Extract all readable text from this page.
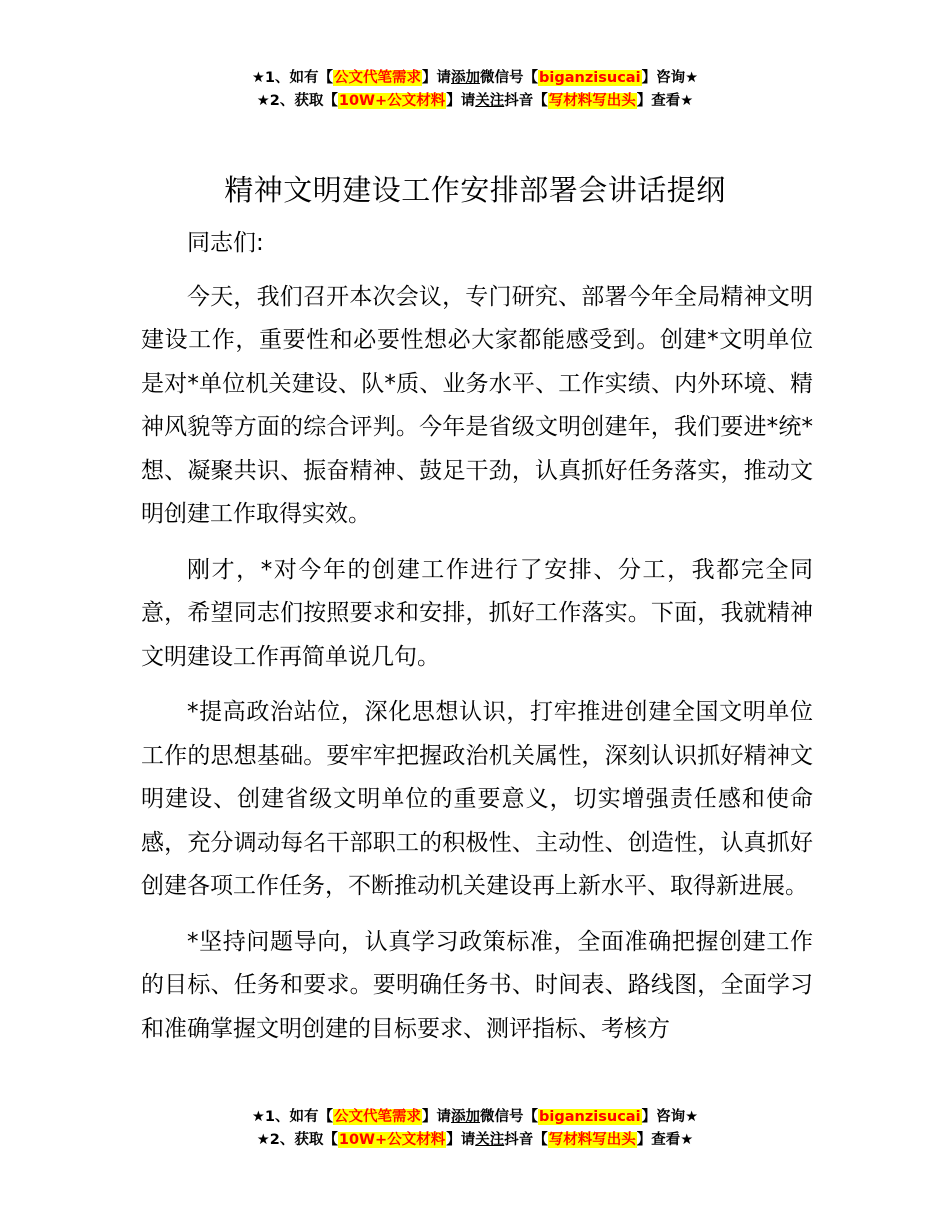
★1、如有【公文代笔需求】请添加微信号【biganzisucai】咨询★
★2、获取【10W+公文材料】请关注抖音【写材料写出头】查看★
精神文明建设工作安排部署会讲话提纲

同志们:

今天，我们召开本次会议，专门研究、部署今年全局精神文明建设工作，重要性和必要性想必大家都能感受到。创建*文明单位是对*单位机关建设、队*质、业务水平、工作实绩、内外环境、精神风貌等方面的综合评判。今年是省级文明创建年，我们要进*统*想、凝聚共识、振奋精神、鼓足干劲，认真抓好任务落实，推动文明创建工作取得实效。

刚才，*对今年的创建工作进行了安排、分工，我都完全同意，希望同志们按照要求和安排，抓好工作落实。下面，我就精神文明建设工作再简单说几句。

*提高政治站位，深化思想认识，打牢推进创建全国文明单位工作的思想基础。要牢牢把握政治机关属性，深刻认识抓好精神文明建设、创建省级文明单位的重要意义，切实增强责任感和使命感，充分调动每名干部职工的积极性、主动性、创造性，认真抓好创建各项工作任务，不断推动机关建设再上新水平、取得新进展。

*坚持问题导向，认真学习政策标准，全面准确把握创建工作的目标、任务和要求。要明确任务书、时间表、路线图，全面学习和准确掌握文明创建的目标要求、测评指标、考核方

★1、如有【公文代笔需求】请添加微信号【biganzisucai】咨询★
★2、获取【10W+公文材料】请关注抖音【写材料写出头】查看★
